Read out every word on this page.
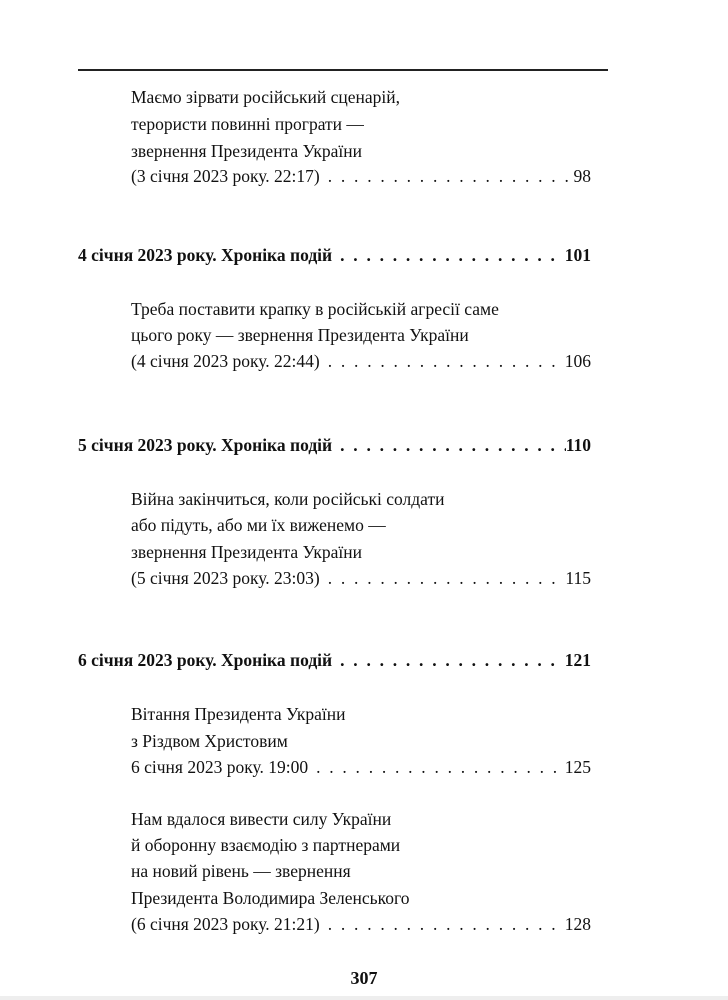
Маємо зірвати російський сценарій,
терористи повинні програти —
звернення Президента України
(3 січня 2023 року. 22:17) . . .	98
4 січня 2023 року. Хроніка подій . . .	101
Треба поставити крапку в російській агресії саме
цього року — звернення Президента України
(4 січня 2023 року. 22:44) . . .	106
5 січня 2023 року. Хроніка подій . . .	110
Війна закінчиться, коли російські солдати
або підуть, або ми їх виженемо —
звернення Президента України
(5 січня 2023 року. 23:03) . . .	115
6 січня 2023 року. Хроніка подій . . .	121
Вітання Президента України
з Різдвом Христовим
6 січня 2023 року. 19:00 . . .	125
Нам вдалося вивести силу України
й оборонну взаємодію з партнерами
на новий рівень — звернення
Президента Володимира Зеленського
(6 січня 2023 року. 21:21) . . .	128
307
